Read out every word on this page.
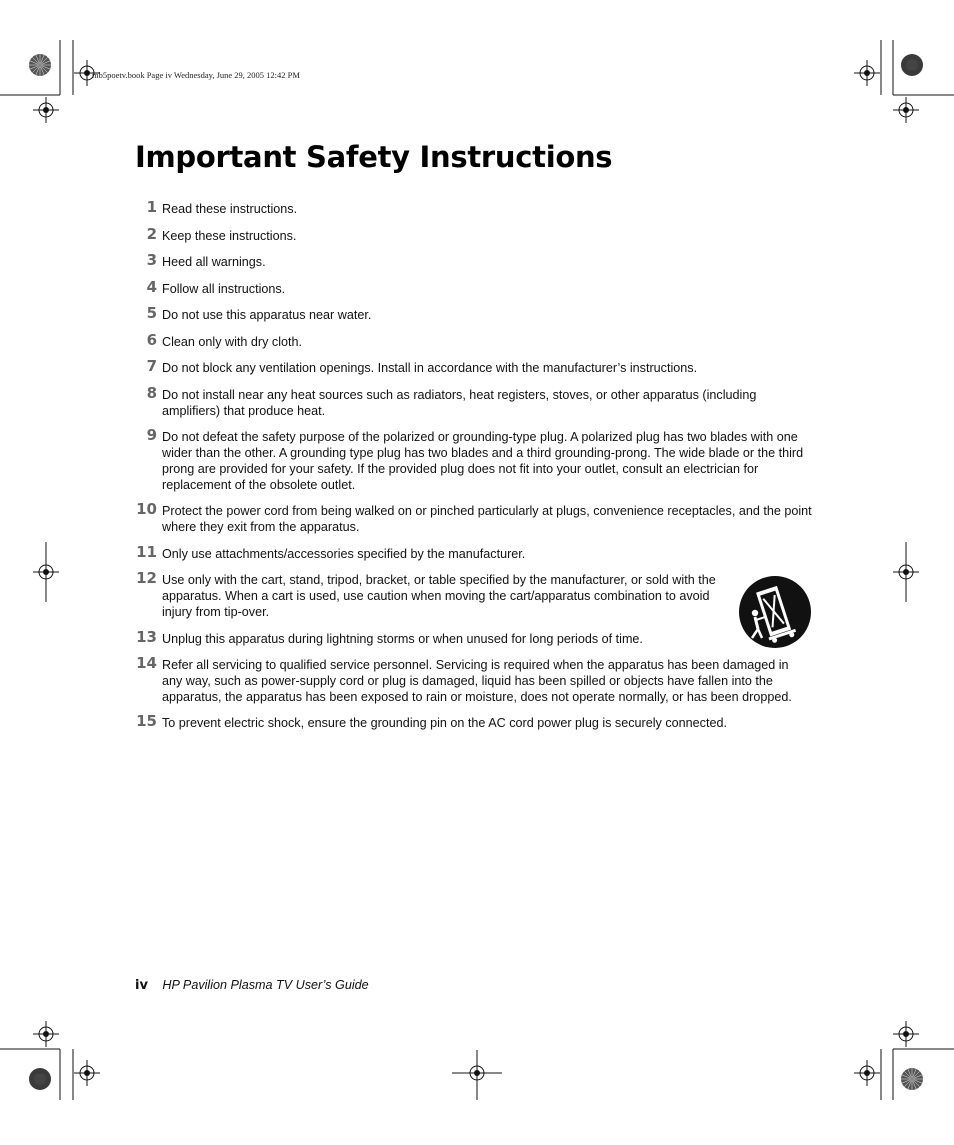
mb5poetv.book Page iv Wednesday, June 29, 2005 12:42 PM
Important Safety Instructions
1 Read these instructions.
2 Keep these instructions.
3 Heed all warnings.
4 Follow all instructions.
5 Do not use this apparatus near water.
6 Clean only with dry cloth.
7 Do not block any ventilation openings. Install in accordance with the manufacturer’s instructions.
8 Do not install near any heat sources such as radiators, heat registers, stoves, or other apparatus (including amplifiers) that produce heat.
9 Do not defeat the safety purpose of the polarized or grounding-type plug. A polarized plug has two blades with one wider than the other. A grounding type plug has two blades and a third grounding-prong. The wide blade or the third prong are provided for your safety. If the provided plug does not fit into your outlet, consult an electrician for replacement of the obsolete outlet.
10 Protect the power cord from being walked on or pinched particularly at plugs, convenience receptacles, and the point where they exit from the apparatus.
11 Only use attachments/accessories specified by the manufacturer.
12 Use only with the cart, stand, tripod, bracket, or table specified by the manufacturer, or sold with the apparatus. When a cart is used, use caution when moving the cart/apparatus combination to avoid injury from tip-over.
13 Unplug this apparatus during lightning storms or when unused for long periods of time.
14 Refer all servicing to qualified service personnel. Servicing is required when the apparatus has been damaged in any way, such as power-supply cord or plug is damaged, liquid has been spilled or objects have fallen into the apparatus, the apparatus has been exposed to rain or moisture, does not operate normally, or has been dropped.
15 To prevent electric shock, ensure the grounding pin on the AC cord power plug is securely connected.
iv HP Pavilion Plasma TV User’s Guide
